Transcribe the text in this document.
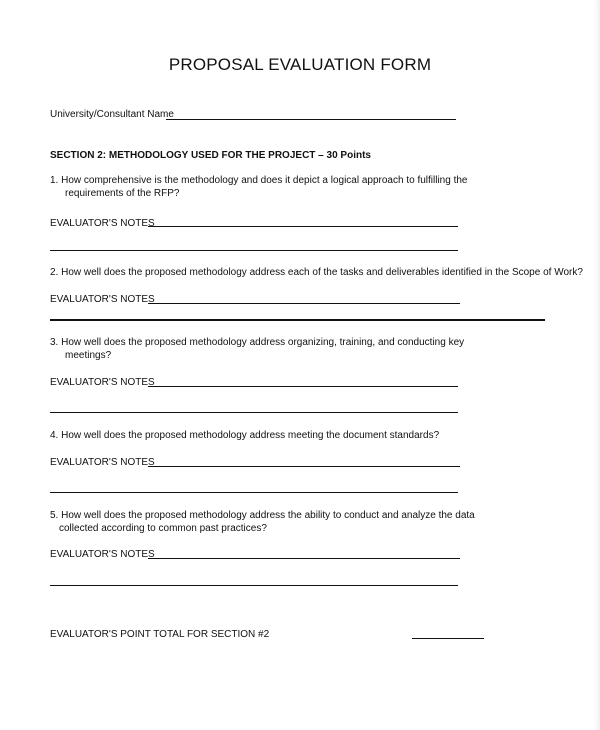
PROPOSAL EVALUATION FORM
University/Consultant Name
SECTION 2: METHODOLOGY USED FOR THE PROJECT – 30 Points
1. How comprehensive is the methodology and does it depict a logical approach to fulfilling the
requirements of the RFP?
EVALUATOR'S NOTES
2. How well does the proposed methodology address each of the tasks and deliverables identified in the Scope of Work?
EVALUATOR'S NOTES
3. How well does the proposed methodology address organizing, training, and conducting key
meetings?
EVALUATOR'S NOTES
4. How well does the proposed methodology address meeting the document standards?
EVALUATOR'S NOTES
5. How well does the proposed methodology address the ability to conduct and analyze the data
collected according to common past practices?
EVALUATOR'S NOTES
EVALUATOR'S POINT TOTAL FOR SECTION #2
